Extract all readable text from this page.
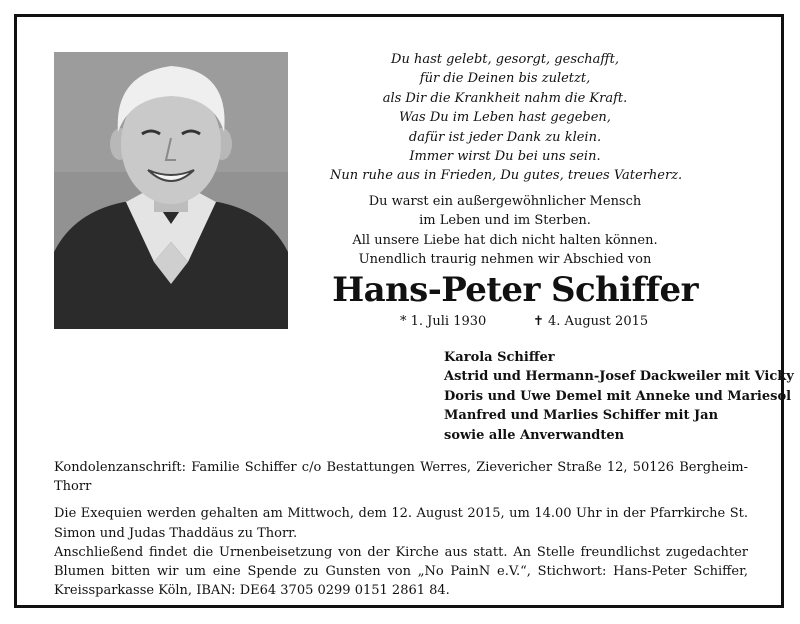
Du hast gelebt, gesorgt, geschafft,
für die Deinen bis zuletzt,
als Dir die Krankheit nahm die Kraft.
Was Du im Leben hast gegeben,
dafür ist jeder Dank zu klein.
Immer wirst Du bei uns sein.
Nun ruhe aus in Frieden, Du gutes, treues Vaterherz.
Du warst ein außergewöhnlicher Mensch
im Leben und im Sterben.
All unsere Liebe hat dich nicht halten können.
Unendlich traurig nehmen wir Abschied von
Hans-Peter Schiffer
* 1. Juli 1930	✝ 4. August 2015
Karola Schiffer
Astrid und Hermann-Josef Dackweiler mit Vicky
Doris und Uwe Demel mit Anneke und Mariesol
Manfred und Marlies Schiffer mit Jan
sowie alle Anverwandten

Kondolenzanschrift: Familie Schiffer c/o Bestattungen Werres, Zievericher Straße 12, 50126 Bergheim-Thorr

Die Exequien werden gehalten am Mittwoch, dem 12. August 2015, um 14.00 Uhr in der Pfarrkirche St. Simon und Judas Thaddäus zu Thorr.

Anschließend findet die Urnenbeisetzung von der Kirche aus statt. An Stelle freundlichst zugedachter Blumen bitten wir um eine Spende zu Gunsten von „No PainN e.V.“, Stichwort: Hans-Peter Schiffer, Kreissparkasse Köln, IBAN: DE64 3705 0299 0151 2861 84.
